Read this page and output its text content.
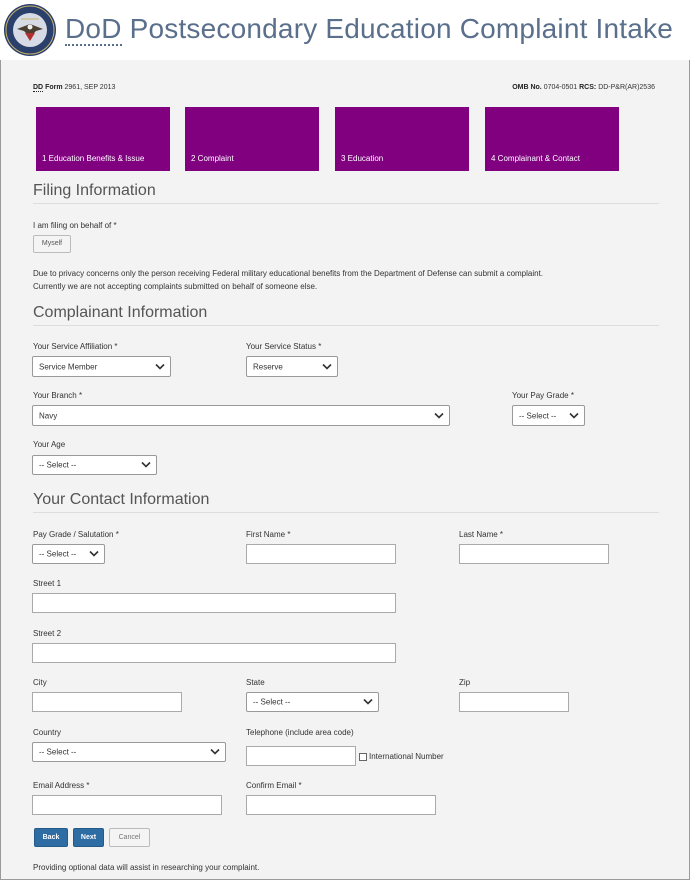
DoD Postsecondary Education Complaint Intake
DD Form 2961, SEP 2013	OMB No. 0704-0501 RCS: DD-P&R(AR)2536
1 Education Benefits & Issue	2 Complaint	3 Education	4 Complainant & Contact
Filing Information
I am filing on behalf of *
Myself
Due to privacy concerns only the person receiving Federal military educational benefits from the Department of Defense can submit a complaint.
Currently we are not accepting complaints submitted on behalf of someone else.
Complainant Information
Your Service Affiliation *
Service Member
Your Service Status *
Reserve
Your Branch *
Navy
Your Pay Grade *
-- Select --
Your Age
-- Select --
Your Contact Information
Pay Grade / Salutation *
-- Select --
First Name *	Last Name *
Street 1
Street 2
City	State
-- Select --
Zip
Country
-- Select --
Telephone (include area code)
International Number
Email Address *	Confirm Email *
Back	Next	Cancel
Providing optional data will assist in researching your complaint.
